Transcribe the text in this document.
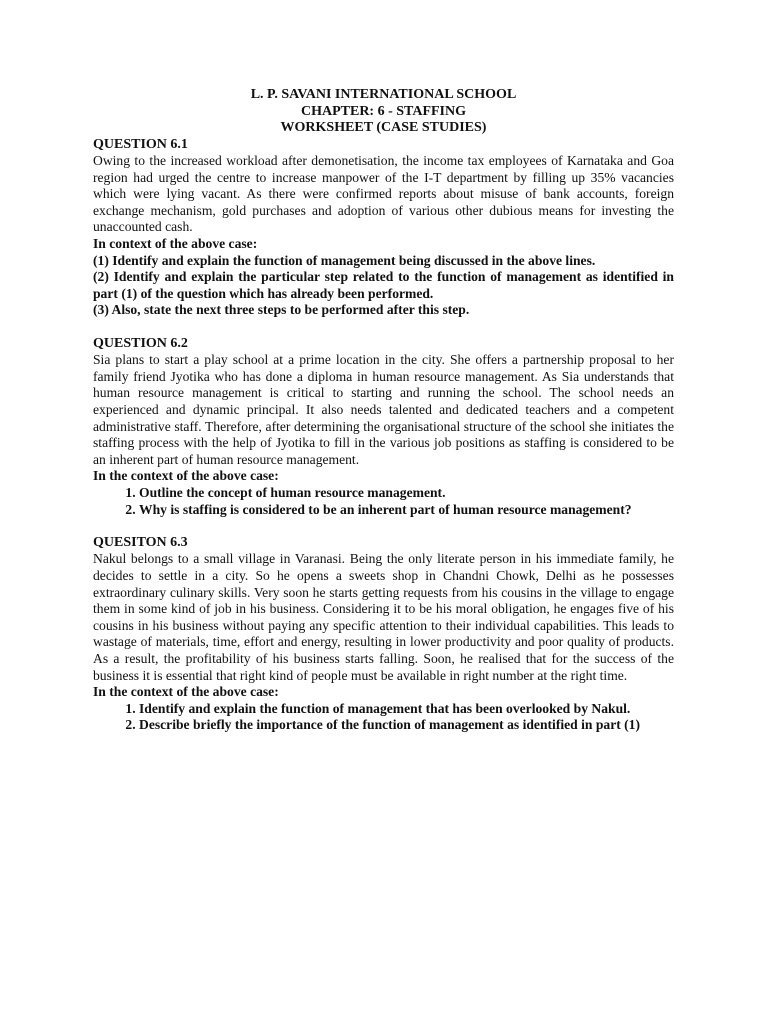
L. P. SAVANI INTERNATIONAL SCHOOL
CHAPTER: 6 - STAFFING
WORKSHEET (CASE STUDIES)

QUESTION 6.1

Owing to the increased workload after demonetisation, the income tax employees of Karnataka and Goa region had urged the centre to increase manpower of the I-T department by filling up 35% vacancies which were lying vacant. As there were confirmed reports about misuse of bank accounts, foreign exchange mechanism, gold purchases and adoption of various other dubious means for investing the unaccounted cash.

In context of the above case:

(1) Identify and explain the function of management being discussed in the above lines.

(2) Identify and explain the particular step related to the function of management as identified in part (1) of the question which has already been performed.

(3) Also, state the next three steps to be performed after this step.

QUESTION 6.2

Sia plans to start a play school at a prime location in the city. She offers a partnership proposal to her family friend Jyotika who has done a diploma in human resource management. As Sia understands that human resource management is critical to starting and running the school. The school needs an experienced and dynamic principal. It also needs talented and dedicated teachers and a competent administrative staff. Therefore, after determining the organisational structure of the school she initiates the staffing process with the help of Jyotika to fill in the various job positions as staffing is considered to be an inherent part of human resource management.

In the context of the above case:

1. Outline the concept of human resource management.
2. Why is staffing is considered to be an inherent part of human resource management?

QUESITON 6.3

Nakul belongs to a small village in Varanasi. Being the only literate person in his immediate family, he decides to settle in a city. So he opens a sweets shop in Chandni Chowk, Delhi as he possesses extraordinary culinary skills. Very soon he starts getting requests from his cousins in the village to engage them in some kind of job in his business. Considering it to be his moral obligation, he engages five of his cousins in his business without paying any specific attention to their individual capabilities. This leads to wastage of materials, time, effort and energy, resulting in lower productivity and poor quality of products. As a result, the profitability of his business starts falling. Soon, he realised that for the success of the business it is essential that right kind of people must be available in right number at the right time.

In the context of the above case:

1. Identify and explain the function of management that has been overlooked by Nakul.
2. Describe briefly the importance of the function of management as identified in part (1)
